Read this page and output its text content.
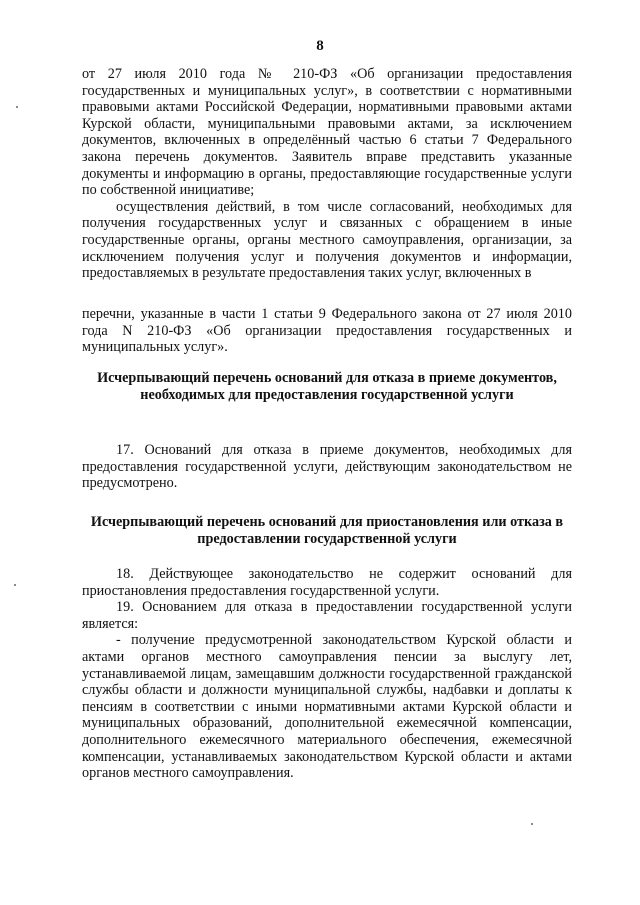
8

от 27 июля 2010 года № 210-ФЗ «Об организации предоставления государственных и муниципальных услуг», в соответствии с нормативными правовыми актами Российской Федерации, нормативными правовыми актами Курской области, муниципальными правовыми актами, за исключением документов, включенных в определённый частью 6 статьи 7 Федерального закона перечень документов. Заявитель вправе представить указанные документы и информацию в органы, предоставляющие государственные услуги по собственной инициативе;

осуществления действий, в том числе согласований, необходимых для получения государственных услуг и связанных с обращением в иные государственные органы, органы местного самоуправления, организации, за исключением получения услуг и получения документов и информации, предоставляемых в результате предоставления таких услуг, включенных в

перечни, указанные в части 1 статьи 9 Федерального закона от 27 июля 2010 года N 210-ФЗ «Об организации предоставления государственных и муниципальных услуг».

Исчерпывающий перечень оснований для отказа в приеме документов, необходимых для предоставления государственной услуги

17. Оснований для отказа в приеме документов, необходимых для предоставления государственной услуги, действующим законодательством не предусмотрено.

Исчерпывающий перечень оснований для приостановления или отказа в предоставлении государственной услуги

18. Действующее законодательство не содержит оснований для приостановления предоставления государственной услуги.

19. Основанием для отказа в предоставлении государственной услуги является:

- получение предусмотренной законодательством Курской области и актами органов местного самоуправления пенсии за выслугу лет, устанавливаемой лицам, замещавшим должности государственной гражданской службы области и должности муниципальной службы, надбавки и доплаты к пенсиям в соответствии с иными нормативными актами Курской области и муниципальных образований, дополнительной ежемесячной компенсации, дополнительного ежемесячного материального обеспечения, ежемесячной компенсации, устанавливаемых законодательством Курской области и актами органов местного самоуправления.
